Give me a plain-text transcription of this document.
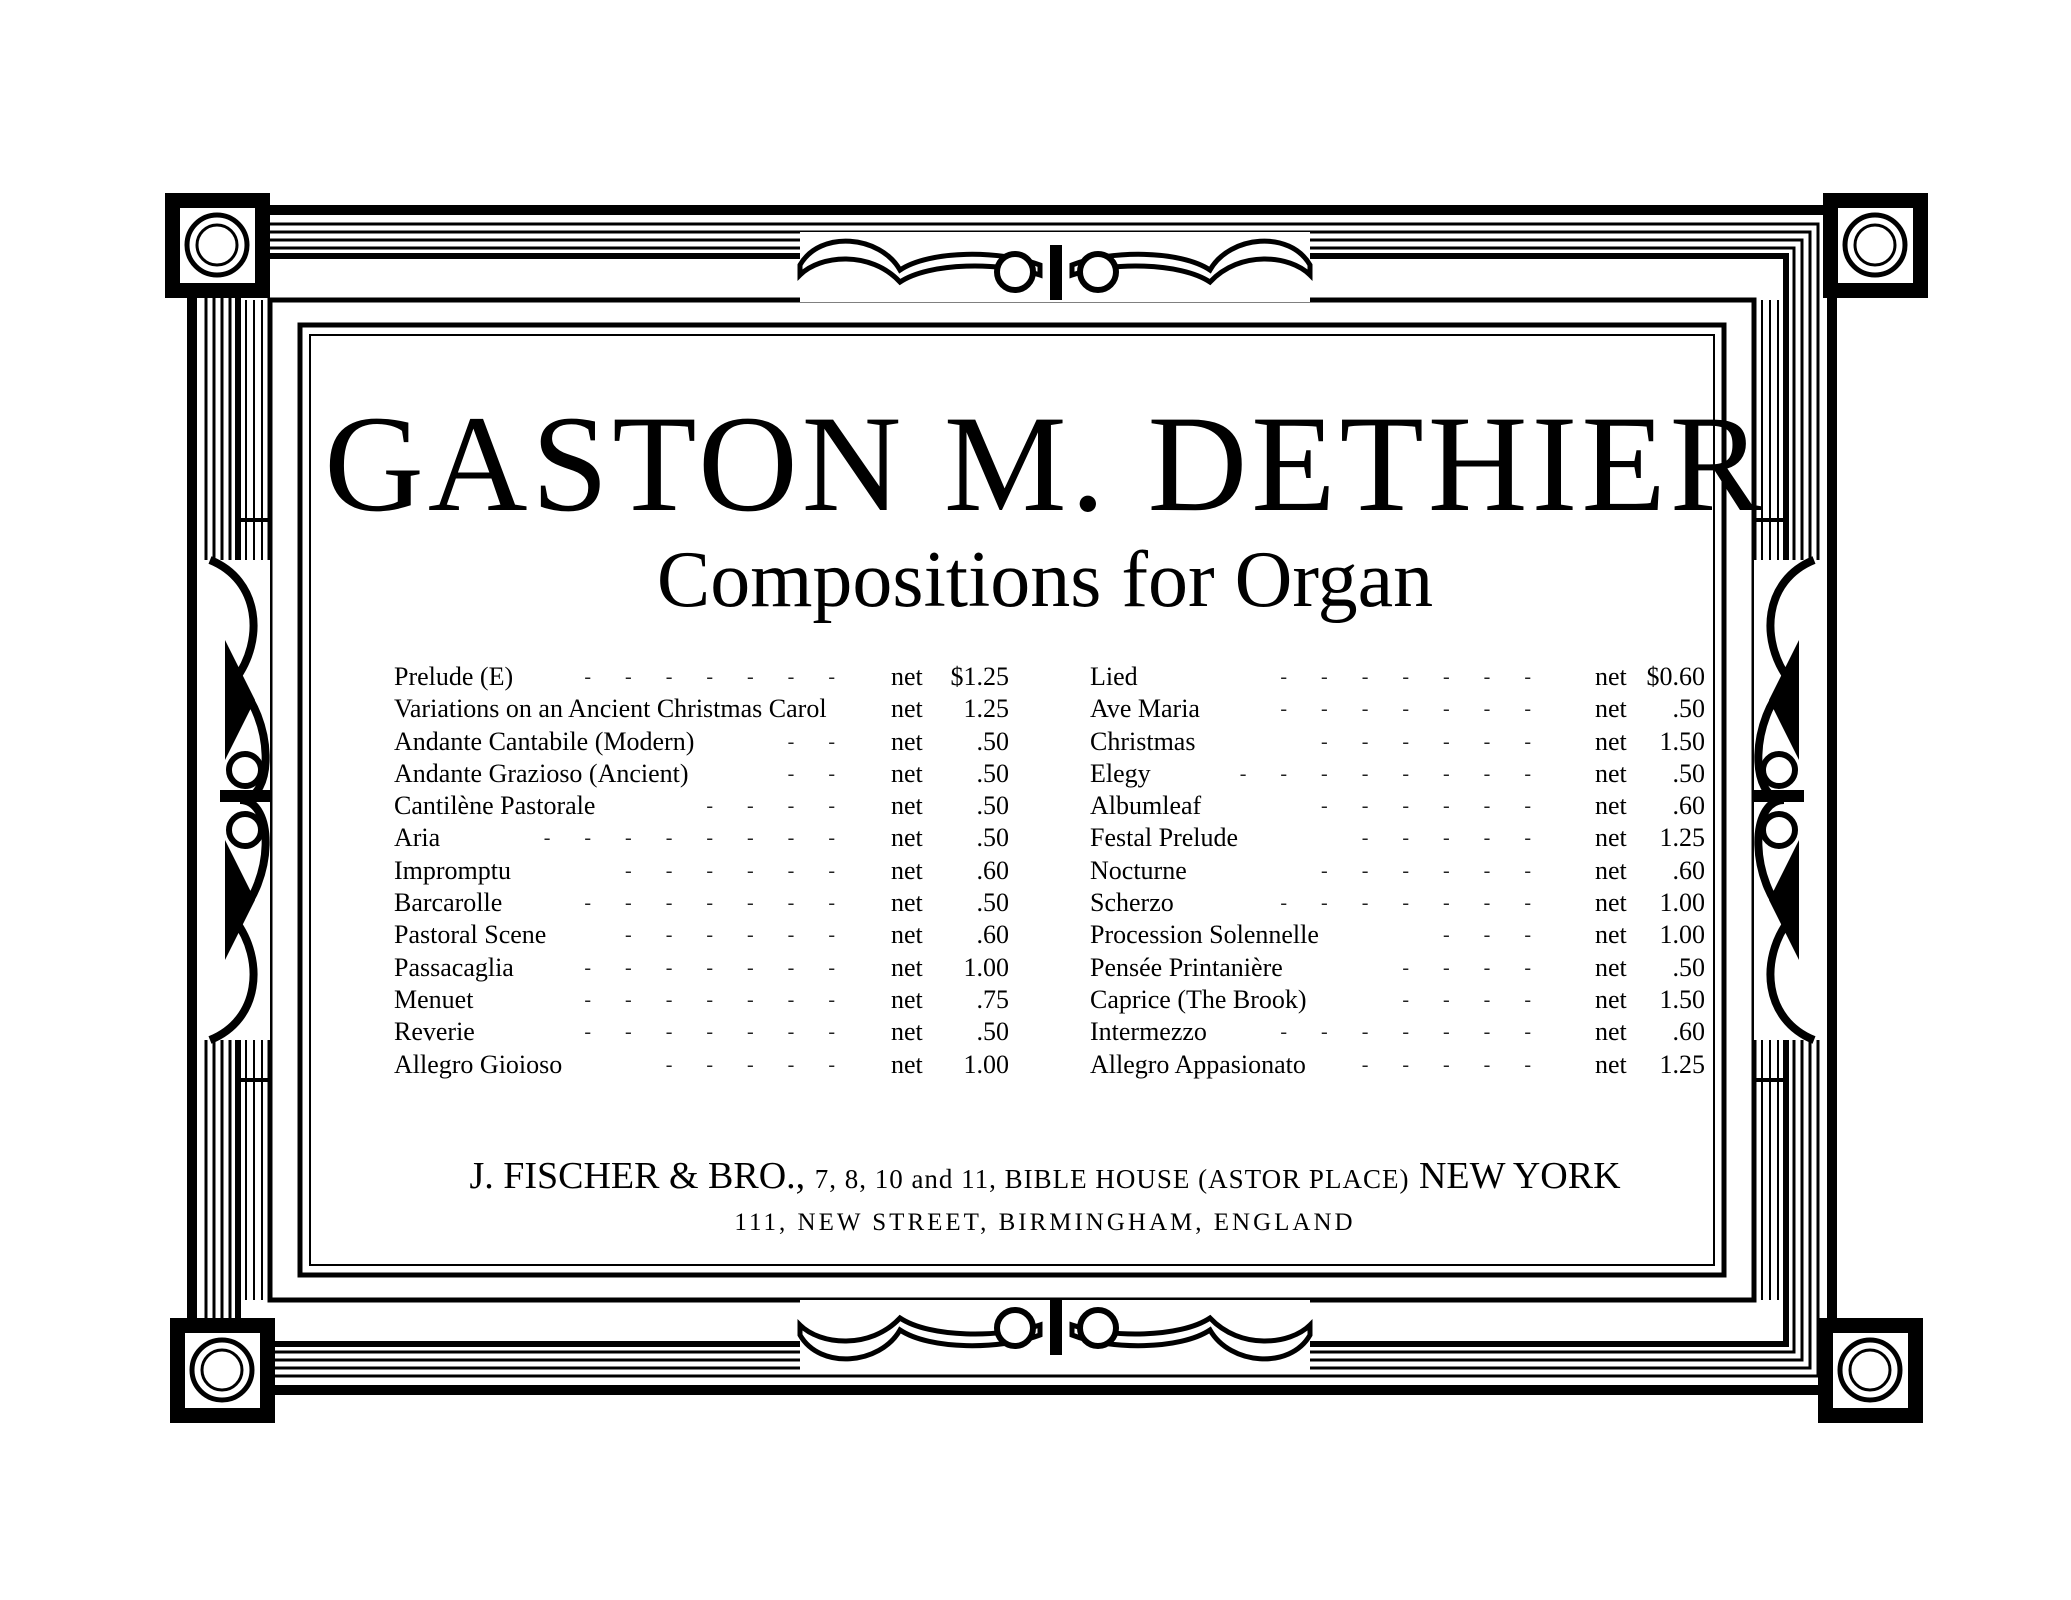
GASTON M. DETHIER
Compositions for Organ
Prelude (E)	------- net	$1.25
Variations on an Ancient Christmas Carol	net	1.25
Andante Cantabile (Modern)	-- net	.50
Andante Grazioso (Ancient)	-- net	.50
Cantilène Pastorale	---- net	.50
Aria	-------- net	.50
Impromptu	------ net	.60
Barcarolle	------- net	.50
Pastoral Scene	------ net	.60
Passacaglia	------- net	1.00
Menuet	------- net	.75
Reverie	------- net	.50
Allegro Gioioso	----- net	1.00
Lied	------- net $0.60
Ave Maria	------- net	.50
Christmas	------ net	1.50
Elegy	-------- net	.50
Albumleaf	------ net	.60
Festal Prelude	----- net	1.25
Nocturne	------ net	.60
Scherzo	------- net	1.00
Procession Solennelle	--- net	1.00
Pensée Printanière	---- net	.50
Caprice (The Brook)	---- net	1.50
Intermezzo	------- net	.60
Allegro Appasionato	----- net	1.25
J. FISCHER & BRO., 7, 8, 10 and 11, BIBLE HOUSE (ASTOR PLACE) NEW YORK
111, NEW STREET, BIRMINGHAM, ENGLAND
